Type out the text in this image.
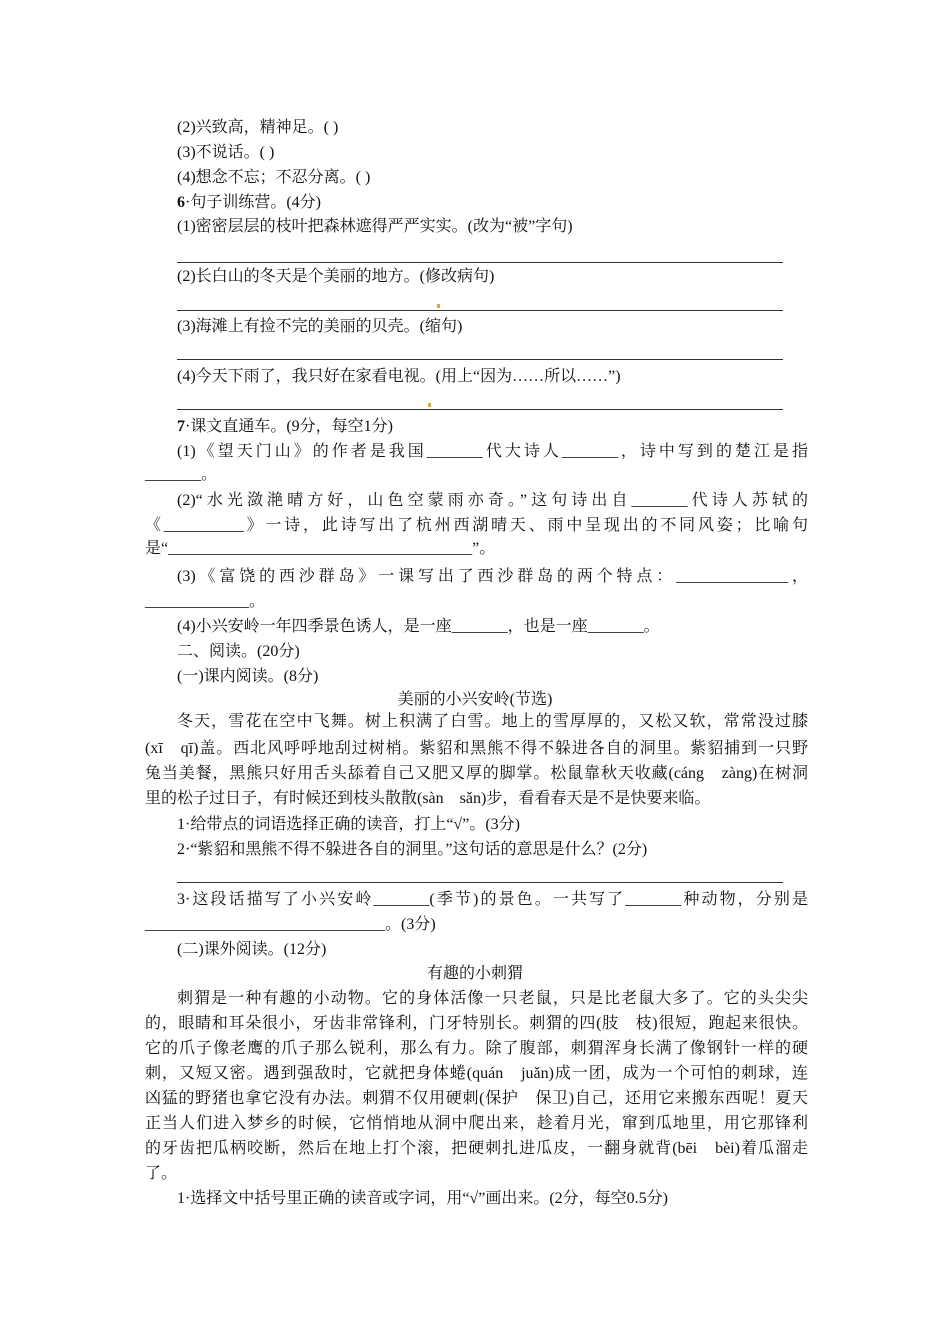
(2)兴致高，精神足。( )
(3)不说话。( )
(4)想念不忘；不忍分离。( )
6·句子训练营。(4分)
(1)密密层层的枝叶把森林遮得严严实实。(改为“被”字句)
(2)长白山的冬天是个美丽的地方。(修改病句)
(3)海滩上有捡不完的美丽的贝壳。(缩句)
(4)今天下雨了，我只好在家看电视。(用上“因为……所以……”)
7·课文直通车。(9分，每空1分)
(1)《望天门山》的作者是我国_______代大诗人_______，诗中写到的楚江是指
_______。
(2)“水光潋滟晴方好，山色空蒙雨亦奇。”这句诗出自_______代诗人苏轼的
《__________》一诗，此诗写出了杭州西湖晴天、雨中呈现出的不同风姿；比喻句
是“______________________________________”。
(3)《富饶的西沙群岛》一课写出了西沙群岛的两个特点：______________，
_____________。
(4)小兴安岭一年四季景色诱人，是一座_______，也是一座_______。
二、阅读。(20分)
(一)课内阅读。(8分)
美丽的小兴安岭(节选)
冬天，雪花在空中飞舞。树上积满了白雪。地上的雪厚厚的，又松又软，常常没过膝
(xī　qī)盖。西北风呼呼地刮过树梢。紫貂和黑熊不得不躲进各自的洞里。紫貂捕到一只野
兔当美餐，黑熊只好用舌头舔着自己又肥又厚的脚掌。松鼠靠秋天收藏(cáng　zàng)在树洞
里的松子过日子，有时候还到枝头散散(sàn　sǎn)步，看看春天是不是快要来临。
1·给带点的词语选择正确的读音，打上“√”。(3分)
2·“紫貂和黑熊不得不躲进各自的洞里。”这句话的意思是什么？(2分)
3·这段话描写了小兴安岭_______(季节)的景色。一共写了_______种动物，分别是
______________________________。(3分)
(二)课外阅读。(12分)
有趣的小刺猬
刺猬是一种有趣的小动物。它的身体活像一只老鼠，只是比老鼠大多了。它的头尖尖
的，眼睛和耳朵很小，牙齿非常锋利，门牙特别长。刺猬的四(肢　枝)很短，跑起来很快。
它的爪子像老鹰的爪子那么锐利，那么有力。除了腹部，刺猬浑身长满了像钢针一样的硬
刺，又短又密。遇到强敌时，它就把身体蜷(quán　juǎn)成一团，成为一个可怕的刺球，连
凶猛的野猪也拿它没有办法。刺猬不仅用硬刺(保护　保卫)自己，还用它来搬东西呢！夏天
正当人们进入梦乡的时候，它悄悄地从洞中爬出来，趁着月光，窜到瓜地里，用它那锋利
的牙齿把瓜柄咬断，然后在地上打个滚，把硬刺扎进瓜皮，一翻身就背(bēi　bèi)着瓜溜走
了。
1·选择文中括号里正确的读音或字词，用“√”画出来。(2分，每空0.5分)
